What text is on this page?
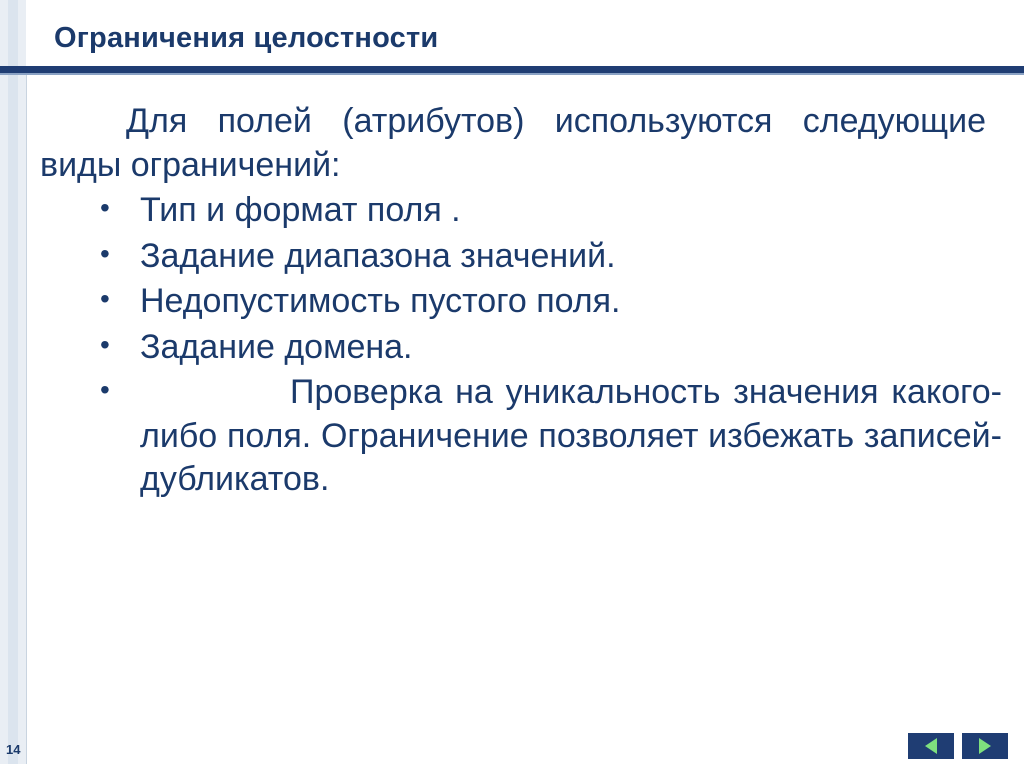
Ограничения целостности

Для полей (атрибутов) используются следующие виды ограничений:

• Тип и формат поля .
• Задание диапазона значений.
• Недопустимость пустого поля.
• Задание домена.
•	Проверка на уникальность значения какого-либо поля. Ограничение позволяет избежать записей-дубликатов.
14
